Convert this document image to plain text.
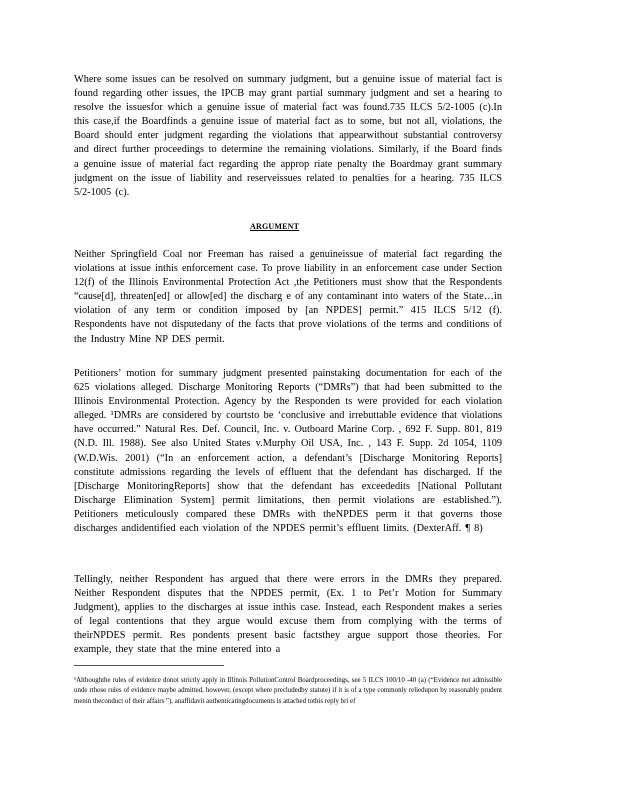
Where some issues can be resolved on summary judgment, but a genuine issue of material fact is found regarding other issues, the IPCB may grant partial summary judgment and set a hearing to resolve the issuesfor which a genuine issue of material fact was found.735 ILCS 5/2-1005 (c).In this case,if the Boardfinds a genuine issue of material fact as to some, but not all, violations, the Board should enter judgment regarding the violations that appearwithout substantial controversy and direct further proceedings to determine the remaining violations. Similarly, if the Board finds a genuine issue of material fact regarding the approp riate penalty the Boardmay grant summary judgment on the issue of liability and reserveissues related to penalties for a hearing. 735 ILCS 5/2-1005 (c).

ARGUMENT

Neither Springfield Coal nor Freeman has raised a genuineissue of material fact regarding the violations at issue inthis enforcement case. To prove liability in an enforcement case under Section 12(f) of the Illinois Environmental Protection Act ,the Petitioners must show that the Respondents “cause[d], threaten[ed] or allow[ed] the discharg e of any contaminant into waters of the State…in violation of any term or condition imposed by [an NPDES] permit.” 415 ILCS 5/12 (f). Respondents have not disputedany of the facts that prove violations of the terms and conditions of the Industry Mine NP DES permit.

Petitioners’ motion for summary judgment presented painstaking documentation for each of the 625 violations alleged. Discharge Monitoring Reports (“DMRs”) that had been submitted to the Illinois Environmental Protection. Agency by the Responden ts were provided for each violation alleged. ¹DMRs are considered by courtsto be ‘conclusive and irrebuttable evidence that violations have occurred.” Natural Res. Def. Council, Inc. v. Outboard Marine Corp. , 692 F. Supp. 801, 819 (N.D. Ill. 1988). See also United States v.Murphy Oil USA, Inc. , 143 F. Supp. 2d 1054, 1109 (W.D.Wis. 2001) (“In an enforcement action, a defendant’s [Discharge Monitoring Reports] constitute admissions regarding the levels of effluent that the defendant has discharged. If the [Discharge MonitoringReports] show that the defendant has exceededits [National Pollutant Discharge Elimination System] permit limitations, then permit violations are established.”). Petitioners meticulously compared these DMRs with theNPDES perm it that governs those discharges andidentified each violation of the NPDES permit’s effluent limits. (DexterAff. ¶ 8)

Tellingly, neither Respondent has argued that there were errors in the DMRs they prepared. Neither Respondent disputes that the NPDES permit, (Ex. 1 to Pet’r Motion for Summary Judgment), applies to the discharges at issue inthis case. Instead, each Respondent makes a series of legal contentions that they argue would excuse them from complying with the terms of theirNPDES permit. Res pondents present basic factsthey argue support those theories. For example, they state that the mine entered into a

¹Althoughthe rules of evidence donot strictly apply in Illinois PollutionControl Boardproceedings, see 5 ILCS 100/10 -40 (a) (“Evidence not admissible unde rthose rules of evidence maybe admitted, however, (except where precludedby statute) if it is of a type commonly reliedupon by reasonably prudent menin theconduct of their affairs ”), anaffidavit authenticatingdocuments is attached tothis reply bri ef
